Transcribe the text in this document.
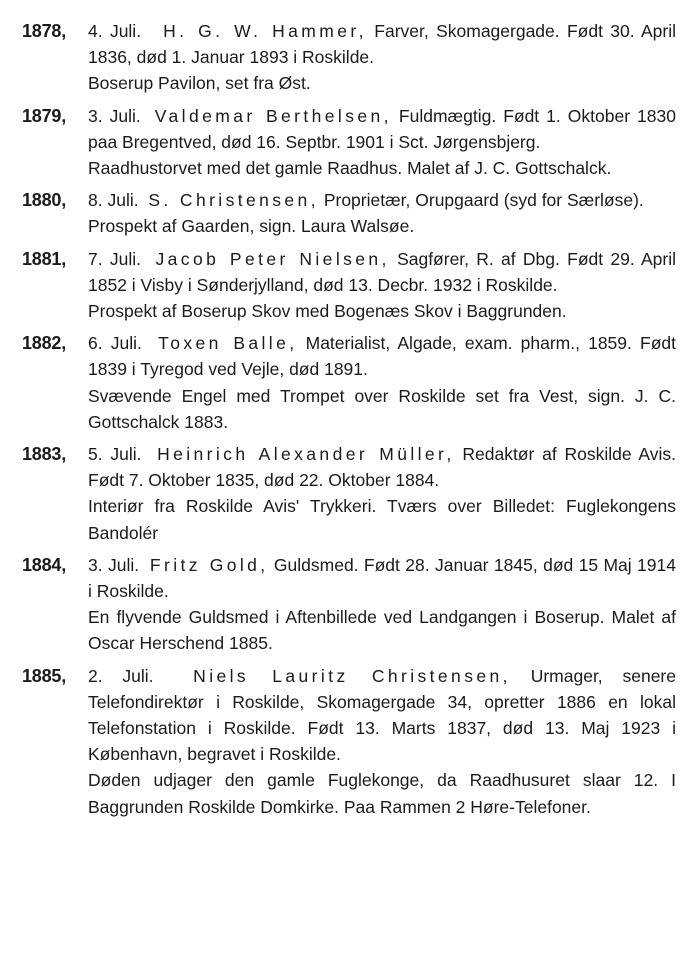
1878, 4. Juli. H. G. W. Hammer, Farver, Skomagergade. Født 30. April 1836, død 1. Januar 1893 i Roskilde.
Boserup Pavilon, set fra Øst.
1879, 3. Juli. Valdemar Berthelsen, Fuldmægtig. Født 1. Oktober 1830 paa Bregentved, død 16. Septbr. 1901 i Sct. Jørgensbjerg.
Raadhustorvet med det gamle Raadhus. Malet af J. C. Gottschalck.
1880, 8. Juli. S. Christensen, Proprietær, Orupgaard (syd for Særløse).
Prospekt af Gaarden, sign. Laura Walsøe.
1881, 7. Juli. Jacob Peter Nielsen, Sagfører, R. af Dbg. Født 29. April 1852 i Visby i Sønderjylland, død 13. Decbr. 1932 i Roskilde.
Prospekt af Boserup Skov med Bogenæs Skov i Baggrunden.
1882, 6. Juli. Toxen Balle, Materialist, Algade, exam. pharm., 1859. Født 1839 i Tyregod ved Vejle, død 1891.
Svævende Engel med Trompet over Roskilde set fra Vest, sign. J. C. Gottschalck 1883.
1883, 5. Juli. Heinrich Alexander Müller, Redaktør af Roskilde Avis. Født 7. Oktober 1835, død 22. Oktober 1884.
Interiør fra Roskilde Avis' Trykkeri. Tværs over Billedet: Fuglekongens Bandolér
1884, 3. Juli. Fritz Gold, Guldsmed. Født 28. Januar 1845, død 15 Maj 1914 i Roskilde.
En flyvende Guldsmed i Aftenbillede ved Landgangen i Boserup. Malet af Oscar Herschend 1885.
1885, 2. Juli. Niels Lauritz Christensen, Urmager, senere Telefondirektør i Roskilde, Skomagergade 34, opretter 1886 en lokal Telefonstation i Roskilde. Født 13. Marts 1837, død 13. Maj 1923 i København, begravet i Roskilde.
Døden udjager den gamle Fuglekonge, da Raadhusuret slaar 12. I Baggrunden Roskilde Domkirke. Paa Rammen 2 Høre-Telefoner.
